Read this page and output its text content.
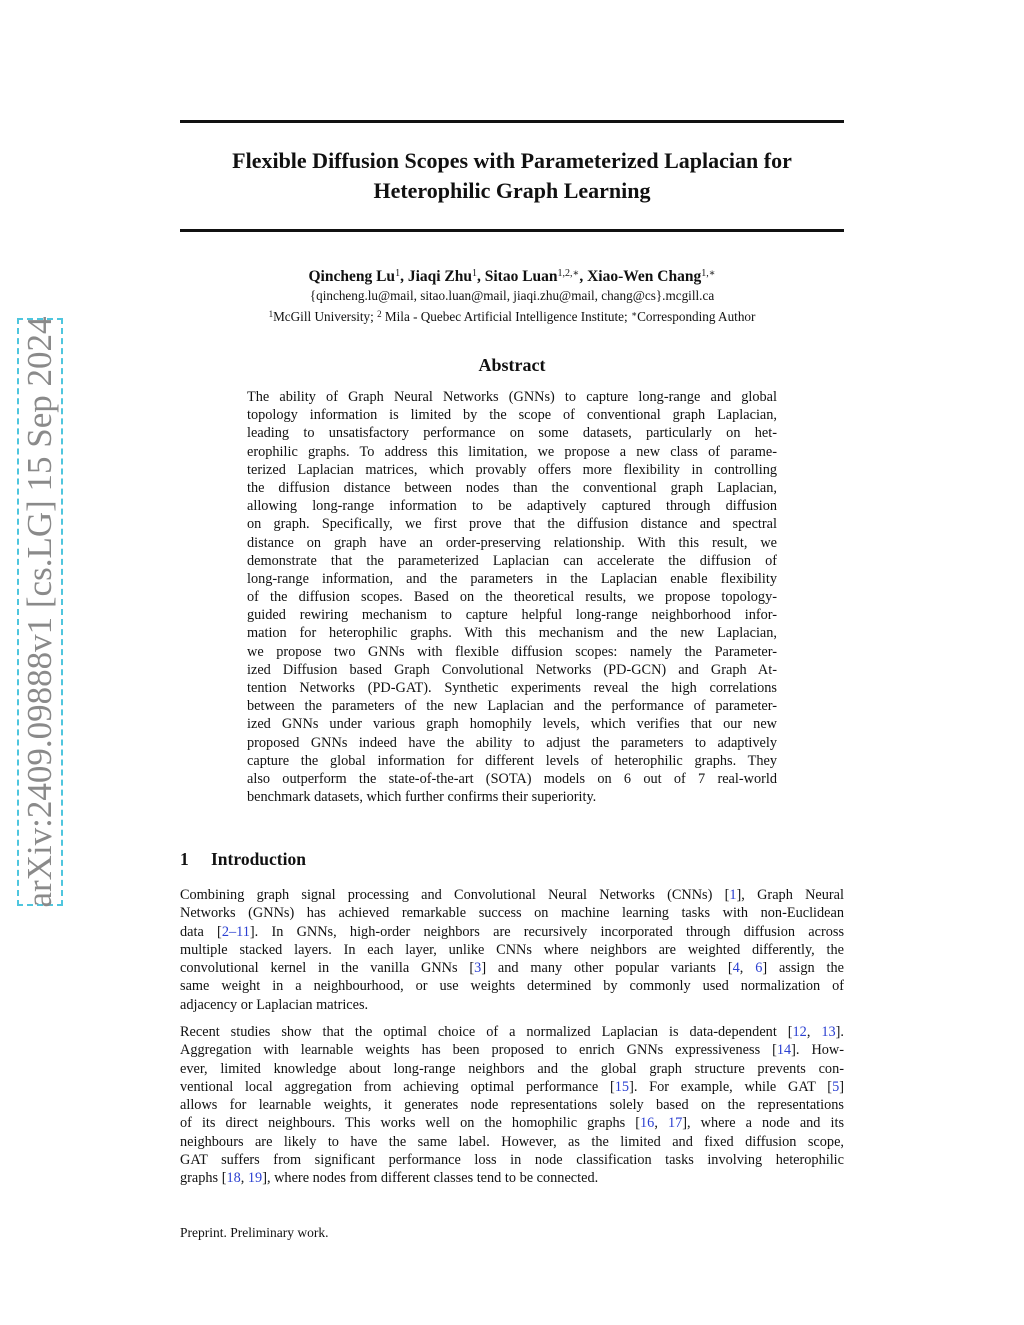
arXiv:2409.09888v1 [cs.LG] 15 Sep 2024
Flexible Diffusion Scopes with Parameterized Laplacian for
Heterophilic Graph Learning
Qincheng Lu$^1$, Jiaqi Zhu$^1$, Sitao Luan$^{1,2,∗}$, Xiao-Wen Chang$^{1,∗}$
{qincheng.lu@mail, sitao.luan@mail, jiaqi.zhu@mail, chang@cs}.mcgill.ca
$^1$McGill University; $^2$ Mila - Quebec Artificial Intelligence Institute; ∗Corresponding Author
Abstract
The ability of Graph Neural Networks (GNNs) to capture long-range and global
topology information is limited by the scope of conventional graph Laplacian,
leading to unsatisfactory performance on some datasets, particularly on het-
erophilic graphs. To address this limitation, we propose a new class of parame-
terized Laplacian matrices, which provably offers more flexibility in controlling
the diffusion distance between nodes than the conventional graph Laplacian,
allowing long-range information to be adaptively captured through diffusion
on graph. Specifically, we first prove that the diffusion distance and spectral
distance on graph have an order-preserving relationship. With this result, we
demonstrate that the parameterized Laplacian can accelerate the diffusion of
long-range information, and the parameters in the Laplacian enable flexibility
of the diffusion scopes. Based on the theoretical results, we propose topology-
guided rewiring mechanism to capture helpful long-range neighborhood infor-
mation for heterophilic graphs. With this mechanism and the new Laplacian,
we propose two GNNs with flexible diffusion scopes: namely the Parameter-
ized Diffusion based Graph Convolutional Networks (PD-GCN) and Graph At-
tention Networks (PD-GAT). Synthetic experiments reveal the high correlations
between the parameters of the new Laplacian and the performance of parameter-
ized GNNs under various graph homophily levels, which verifies that our new
proposed GNNs indeed have the ability to adjust the parameters to adaptively
capture the global information for different levels of heterophilic graphs. They
also outperform the state-of-the-art (SOTA) models on 6 out of 7 real-world
benchmark datasets, which further confirms their superiority.
1 Introduction
Combining graph signal processing and Convolutional Neural Networks (CNNs) [1], Graph Neural
Networks (GNNs) has achieved remarkable success on machine learning tasks with non-Euclidean
data [2–11]. In GNNs, high-order neighbors are recursively incorporated through diffusion across
multiple stacked layers. In each layer, unlike CNNs where neighbors are weighted differently, the
convolutional kernel in the vanilla GNNs [3] and many other popular variants [4, 6] assign the
same weight in a neighbourhood, or use weights determined by commonly used normalization of
adjacency or Laplacian matrices.
Recent studies show that the optimal choice of a normalized Laplacian is data-dependent [12, 13].
Aggregation with learnable weights has been proposed to enrich GNNs expressiveness [14]. How-
ever, limited knowledge about long-range neighbors and the global graph structure prevents con-
ventional local aggregation from achieving optimal performance [15]. For example, while GAT [5]
allows for learnable weights, it generates node representations solely based on the representations
of its direct neighbours. This works well on the homophilic graphs [16, 17], where a node and its
neighbours are likely to have the same label. However, as the limited and fixed diffusion scope,
GAT suffers from significant performance loss in node classification tasks involving heterophilic
graphs [18, 19], where nodes from different classes tend to be connected.
Preprint. Preliminary work.
